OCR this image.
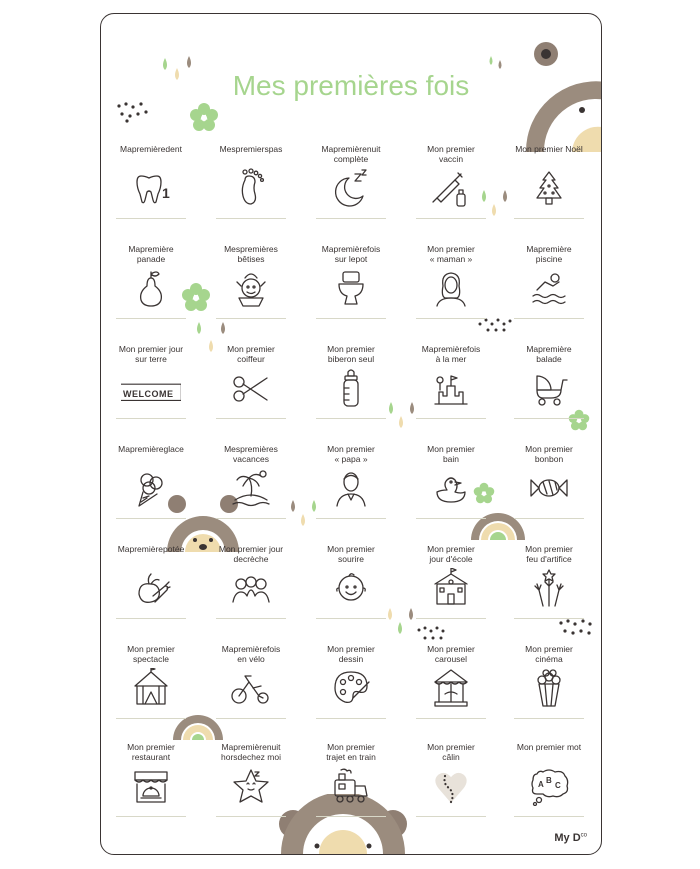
Mes premières fois
Mapremièredent
1
Mespremierspas	Mapremièrenuit
complète
Mon premier
vaccin
Mon premier Noël
Mapremière
panade
Mespremières
bêtises
Mapremièrefois
sur lepot
Mon premier
« maman »
Mapremière
piscine
Mon premier jour
sur terre
WELCOME
Mon premier
coiffeur
Mon premier
biberon seul
Mapremièrefois
à la mer
Mapremière
balade
Mapremièreglace	Mespremières
vacances
Mon premier
« papa »
Mon premier
bain
Mon premier
bonbon
Mapremièrepotée	Mon premier jour
decrèche
Mon premier
sourire
Mon premier
jour d'école
Mon premier
feu d'artifice
Mon premier
spectacle
Mapremièrefois
en vélo
Mon premier
dessin
Mon premier
carousel
Mon premier
cinéma
Mon premier
restaurant
Mapremièrenuit
horsdechez moi
Mon premier
trajet en train
Mon premier
câlin
Mon premier mot
A B
C
My $D^{co}$
